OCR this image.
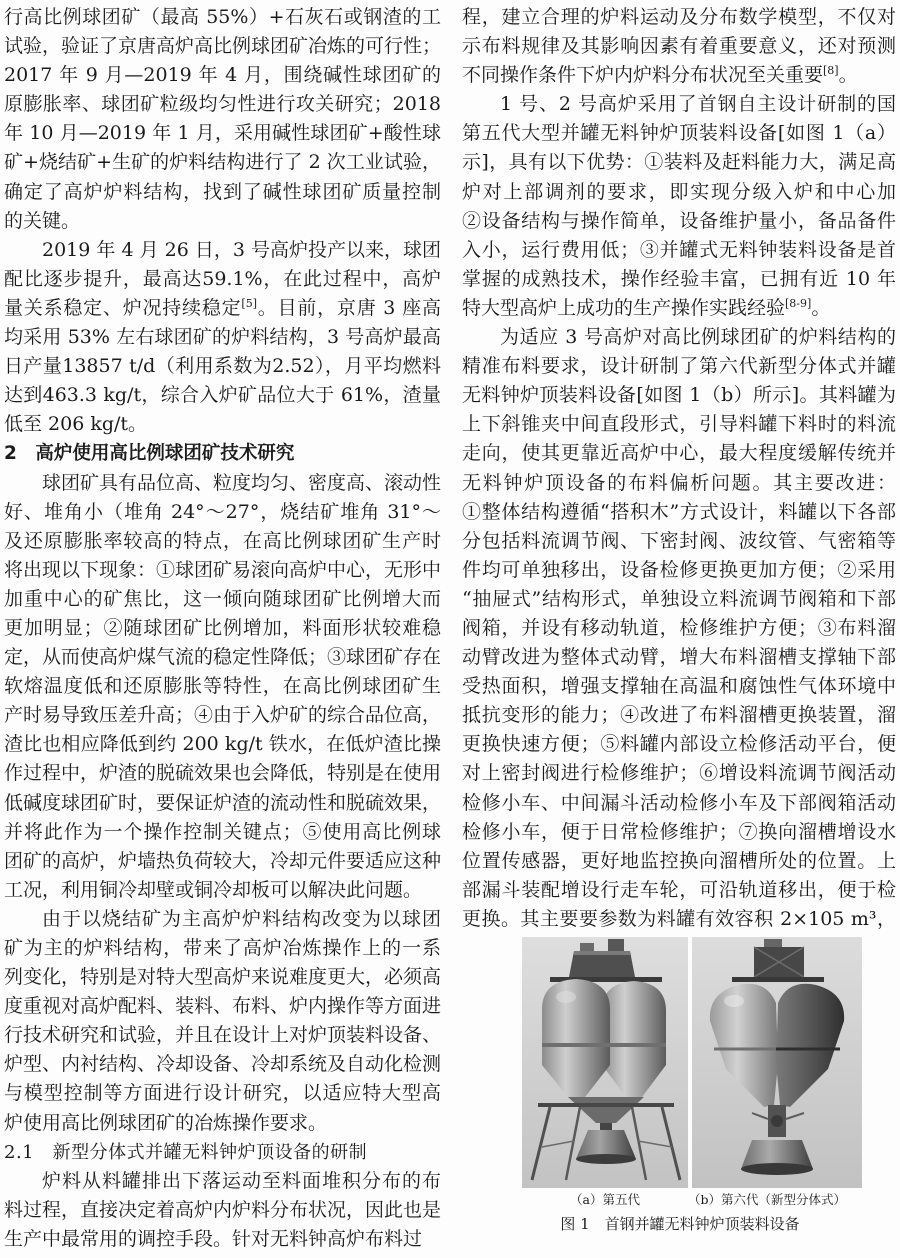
行高比例球团矿（最高 55%）+石灰石或钢渣的工
试验，验证了京唐高炉高比例球团矿冶炼的可行性；
2017 年 9 月—2019 年 4 月，围绕碱性球团矿的
原膨胀率、球团矿粒级均匀性进行攻关研究；2018
年 10 月—2019 年 1 月，采用碱性球团矿+酸性球
矿+烧结矿+生矿的炉料结构进行了 2 次工业试验，
确定了高炉炉料结构，找到了碱性球团矿质量控制
的关键。
2019 年 4 月 26 日，3 号高炉投产以来，球团
配比逐步提升，最高达59.1%，在此过程中，高炉
量关系稳定、炉况持续稳定[5]。目前，京唐 3 座高
均采用 53% 左右球团矿的炉料结构，3 号高炉最高
日产量13857 t/d（利用系数为2.52），月平均燃料
达到463.3 kg/t，综合入炉矿品位大于 61%，渣量
低至 206 kg/t。
2　高炉使用高比例球团矿技术研究
球团矿具有品位高、粒度均匀、密度高、滚动性
好、堆角小（堆角 24°～27°，烧结矿堆角 31°～
及还原膨胀率较高的特点，在高比例球团矿生产时
将出现以下现象：①球团矿易滚向高炉中心，无形中
加重中心的矿焦比，这一倾向随球团矿比例增大而
更加明显；②随球团矿比例增加，料面形状较难稳
定，从而使高炉煤气流的稳定性降低；③球团矿存在
软熔温度低和还原膨胀等特性，在高比例球团矿生
产时易导致压差升高；④由于入炉矿的综合品位高，
渣比也相应降低到约 200 kg/t 铁水，在低炉渣比操
作过程中，炉渣的脱硫效果也会降低，特别是在使用
低碱度球团矿时，要保证炉渣的流动性和脱硫效果，
并将此作为一个操作控制关键点；⑤使用高比例球
团矿的高炉，炉墙热负荷较大，冷却元件要适应这种
工况，利用铜冷却壁或铜冷却板可以解决此问题。
由于以烧结矿为主高炉炉料结构改变为以球团
矿为主的炉料结构，带来了高炉冶炼操作上的一系
列变化，特别是对特大型高炉来说难度更大，必须高
度重视对高炉配料、装料、布料、炉内操作等方面进
行技术研究和试验，并且在设计上对炉顶装料设备、
炉型、内衬结构、冷却设备、冷却系统及自动化检测
与模型控制等方面进行设计研究，以适应特大型高
炉使用高比例球团矿的冶炼操作要求。
2.1　新型分体式并罐无料钟炉顶设备的研制
炉料从料罐排出下落运动至料面堆积分布的布
料过程，直接决定着高炉内炉料分布状况，因此也是
生产中最常用的调控手段。针对无料钟高炉布料过
程，建立合理的炉料运动及分布数学模型，不仅对
示布料规律及其影响因素有着重要意义，还对预测
不同操作条件下炉内炉料分布状况至关重要[8]。
1 号、2 号高炉采用了首钢自主设计研制的国
第五代大型并罐无料钟炉顶装料设备[如图 1（a）
示]，具有以下优势：①装料及赶料能力大，满足高
炉对上部调剂的要求，即实现分级入炉和中心加
②设备结构与操作简单，设备维护量小，备品备件
入小，运行费用低；③并罐式无料钟装料设备是首
掌握的成熟技术，操作经验丰富，已拥有近 10 年
特大型高炉上成功的生产操作实践经验[8-9]。
为适应 3 号高炉对高比例球团矿的炉料结构的
精准布料要求，设计研制了第六代新型分体式并罐
无料钟炉顶装料设备[如图 1（b）所示]。其料罐为
上下斜锥夹中间直段形式，引导料罐下料时的料流
走向，使其更靠近高炉中心，最大程度缓解传统并
无料钟炉顶设备的布料偏析问题。其主要改进：
①整体结构遵循“搭积木”方式设计，料罐以下各部
分包括料流调节阀、下密封阀、波纹管、气密箱等
件均可单独移出，设备检修更换更加方便；②采用
“抽屉式”结构形式，单独设立料流调节阀箱和下部
阀箱，并设有移动轨道，检修维护方便；③布料溜
动臂改进为整体式动臂，增大布料溜槽支撑轴下部
受热面积，增强支撑轴在高温和腐蚀性气体环境中
抵抗变形的能力；④改进了布料溜槽更换装置，溜
更换快速方便；⑤料罐内部设立检修活动平台，便
对上密封阀进行检修维护；⑥增设料流调节阀活动
检修小车、中间漏斗活动检修小车及下部阀箱活动
检修小车，便于日常检修维护；⑦换向溜槽增设水
位置传感器，更好地监控换向溜槽所处的位置。上
部漏斗装配增设行走车轮，可沿轨道移出，便于检
更换。其主要要参数为料罐有效容积 2×105 m³，
（a）第五代	（b）第六代（新型分体式）
图 1　首钢并罐无料钟炉顶装料设备
